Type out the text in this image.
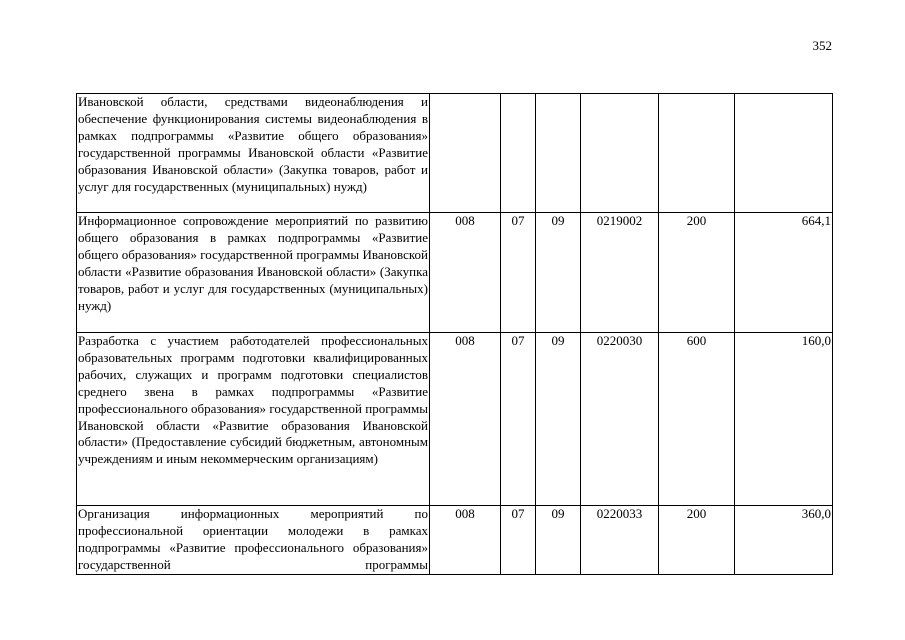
352
Ивановской области, средствами видеонаблюдения и обеспечение функционирования системы видеонаблюдения в рамках подпрограммы «Развитие общего образования» государственной программы Ивановской области «Развитие образования Ивановской области» (Закупка товаров, работ и услуг для государственных (муниципальных) нужд)						
Информационное сопровождение мероприятий по развитию общего образования в рамках подпрограммы «Развитие общего образования» государственной программы Ивановской области «Развитие образования Ивановской области» (Закупка товаров, работ и услуг для государственных (муниципальных) нужд)	008	07	09	0219002	200	664,1
Разработка с участием работодателей профессиональных образовательных программ подготовки квалифицированных рабочих, служащих и программ подготовки специалистов среднего звена в рамках подпрограммы «Развитие профессионального образования» государственной программы Ивановской области «Развитие образования Ивановской области» (Предоставление субсидий бюджетным, автономным учреждениям и иным некоммерческим организациям)	008	07	09	0220030	600	160,0
Организация информационных мероприятий по профессиональной ориентации молодежи в рамках подпрограммы «Развитие профессионального образования» государственной программы	008	07	09	0220033	200	360,0
